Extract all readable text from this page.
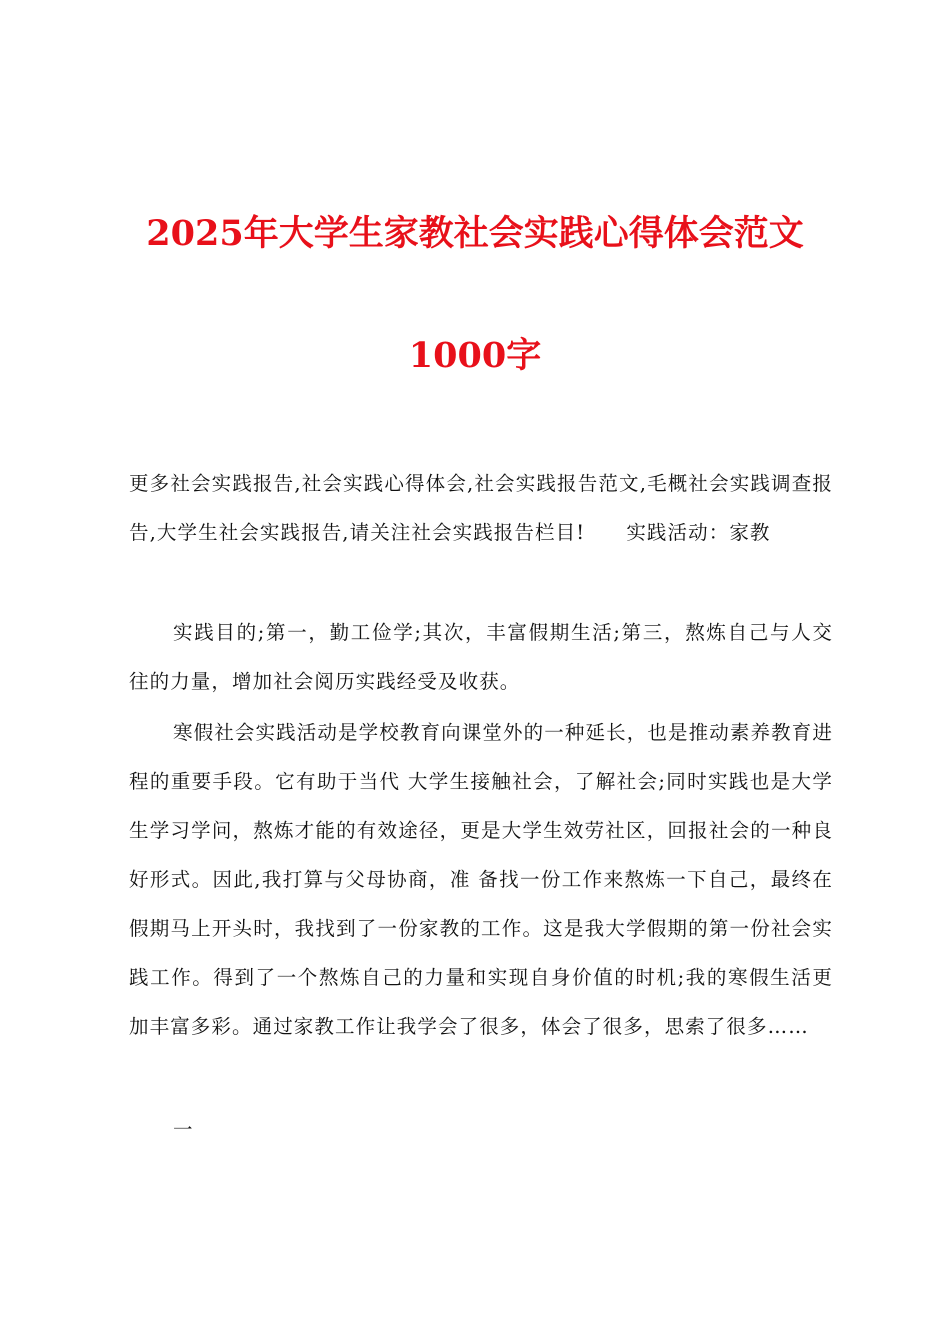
2025年大学生家教社会实践心得体会范文
1000字

更多社会实践报告,社会实践心得体会,社会实践报告范文,毛概社会实践调查报告,大学生社会实践报告,请关注社会实践报告栏目!　　实践活动：家教

实践目的;第一，勤工俭学;其次，丰富假期生活;第三，熬炼自己与人交往的力量，增加社会阅历实践经受及收获。

寒假社会实践活动是学校教育向课堂外的一种延长，也是推动素养教育进程的重要手段。它有助于当代 大学生接触社会，了解社会;同时实践也是大学生学习学问，熬炼才能的有效途径，更是大学生效劳社区，回报社会的一种良好形式。因此,我打算与父母协商，准 备找一份工作来熬炼一下自己，最终在假期马上开头时，我找到了一份家教的工作。这是我大学假期的第一份社会实践工作。得到了一个熬炼自己的力量和实现自身价值的时机;我的寒假生活更加丰富多彩。通过家教工作让我学会了很多，体会了很多，思索了很多……

一
